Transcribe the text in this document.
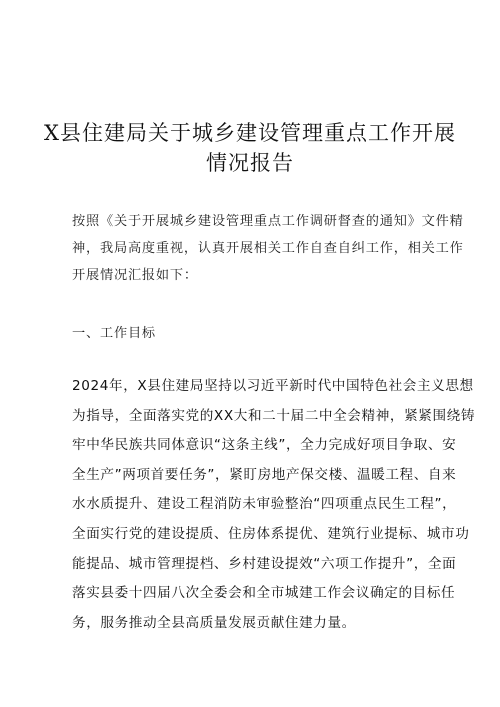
X县住建局关于城乡建设管理重点工作开展
情况报告
按照《关于开展城乡建设管理重点工作调研督查的通知》文件精
神，我局高度重视，认真开展相关工作自查自纠工作，相关工作
开展情况汇报如下：
一、工作目标
2024年，X县住建局坚持以习近平新时代中国特色社会主义思想
为指导，全面落实党的XX大和二十届二中全会精神，紧紧围绕铸
牢中华民族共同体意识“这条主线”，全力完成好项目争取、安
全生产”两项首要任务”，紧盯房地产保交楼、温暖工程、自来
水水质提升、建设工程消防未审验整治“四项重点民生工程”，
全面实行党的建设提质、住房体系提优、建筑行业提标、城市功
能提品、城市管理提档、乡村建设提效“六项工作提升”，全面
落实县委十四届八次全委会和全市城建工作会议确定的目标任
务，服务推动全县高质量发展贡献住建力量。
